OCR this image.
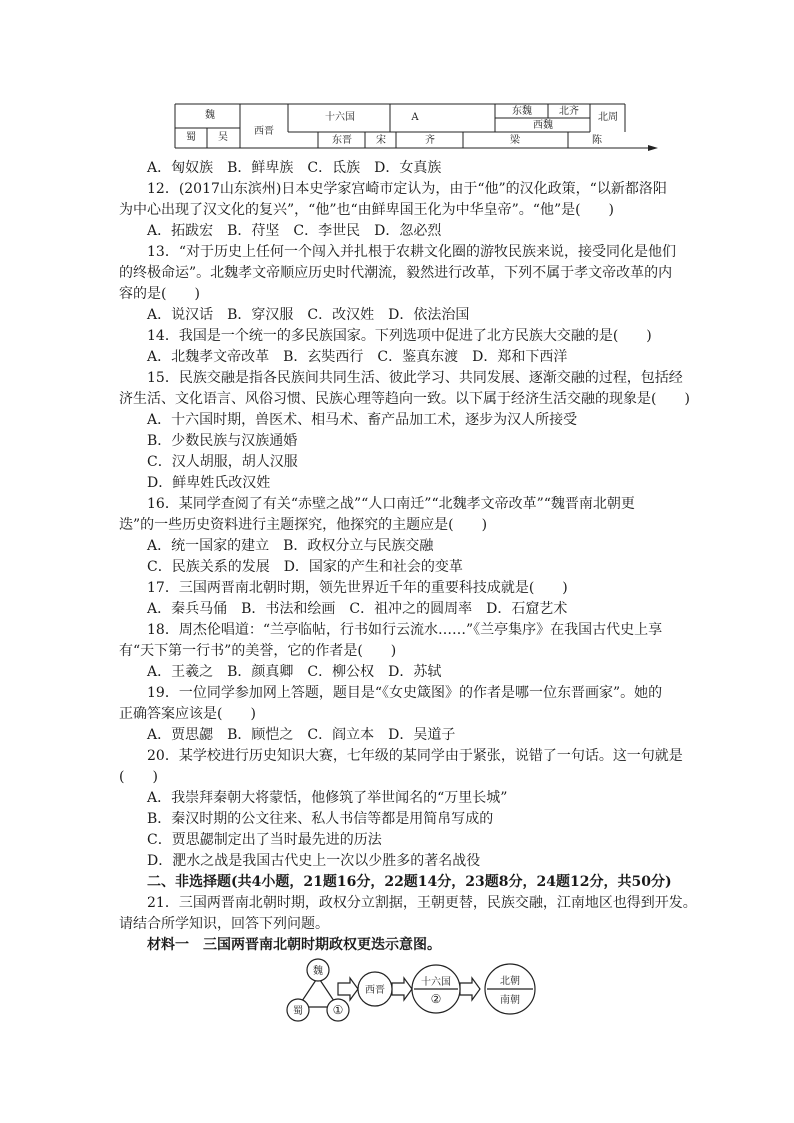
魏
蜀	吴
西晋
十六国	A
东魏	北齐
西魏
北周
东晋	宋	齐	梁	陈
A．匈奴族　B．鲜卑族　C．氐族　D．女真族
12．(2017山东滨州)日本史学家宫崎市定认为，由于“他”的汉化政策，“以新都洛阳
为中心出现了汉文化的复兴”，“他”也“由鲜卑国王化为中华皇帝”。“他”是(　　)
A．拓跋宏　B．苻坚　C．李世民　D．忽必烈
13．“对于历史上任何一个闯入并扎根于农耕文化圈的游牧民族来说，接受同化是他们
的终极命运”。北魏孝文帝顺应历史时代潮流，毅然进行改革，下列不属于孝文帝改革的内
容的是(　　)
A．说汉话　B．穿汉服　C．改汉姓　D．依法治国
14．我国是一个统一的多民族国家。下列选项中促进了北方民族大交融的是(　　)
A．北魏孝文帝改革　B．玄奘西行　C．鉴真东渡　D．郑和下西洋
15．民族交融是指各民族间共同生活、彼此学习、共同发展、逐渐交融的过程，包括经
济生活、文化语言、风俗习惯、民族心理等趋向一致。以下属于经济生活交融的现象是(　　)
A．十六国时期，兽医术、相马术、畜产品加工术，逐步为汉人所接受
B．少数民族与汉族通婚
C．汉人胡服，胡人汉服
D．鲜卑姓氏改汉姓
16．某同学查阅了有关“赤壁之战”“人口南迁”“北魏孝文帝改革”“魏晋南北朝更
迭”的一些历史资料进行主题探究，他探究的主题应是(　　)
A．统一国家的建立　B．政权分立与民族交融
C．民族关系的发展　D．国家的产生和社会的变革
17．三国两晋南北朝时期，领先世界近千年的重要科技成就是(　　)
A．秦兵马俑　B．书法和绘画　C．祖冲之的圆周率　D．石窟艺术
18．周杰伦唱道：“兰亭临帖，行书如行云流水……”《兰亭集序》在我国古代史上享
有“天下第一行书”的美誉，它的作者是(　　)
A．王羲之　B．颜真卿　C．柳公权　D．苏轼
19．一位同学参加网上答题，题目是“《女史箴图》的作者是哪一位东晋画家”。她的
正确答案应该是(　　)
A．贾思勰　B．顾恺之　C．阎立本　D．吴道子
20．某学校进行历史知识大赛，七年级的某同学由于紧张，说错了一句话。这一句就是
(　　)
A．我崇拜秦朝大将蒙恬，他修筑了举世闻名的“万里长城”
B．秦汉时期的公文往来、私人书信等都是用简帛写成的
C．贾思勰制定出了当时最先进的历法
D．淝水之战是我国古代史上一次以少胜多的著名战役
二、非选择题(共4小题，21题16分，22题14分，23题8分，24题12分，共50分)
21．三国两晋南北朝时期，政权分立割据，王朝更替，民族交融，江南地区也得到开发。
请结合所学知识，回答下列问题。
材料一　三国两晋南北朝时期政权更迭示意图。
魏
蜀 ①
西晋
十六国
②
北朝
南朝
